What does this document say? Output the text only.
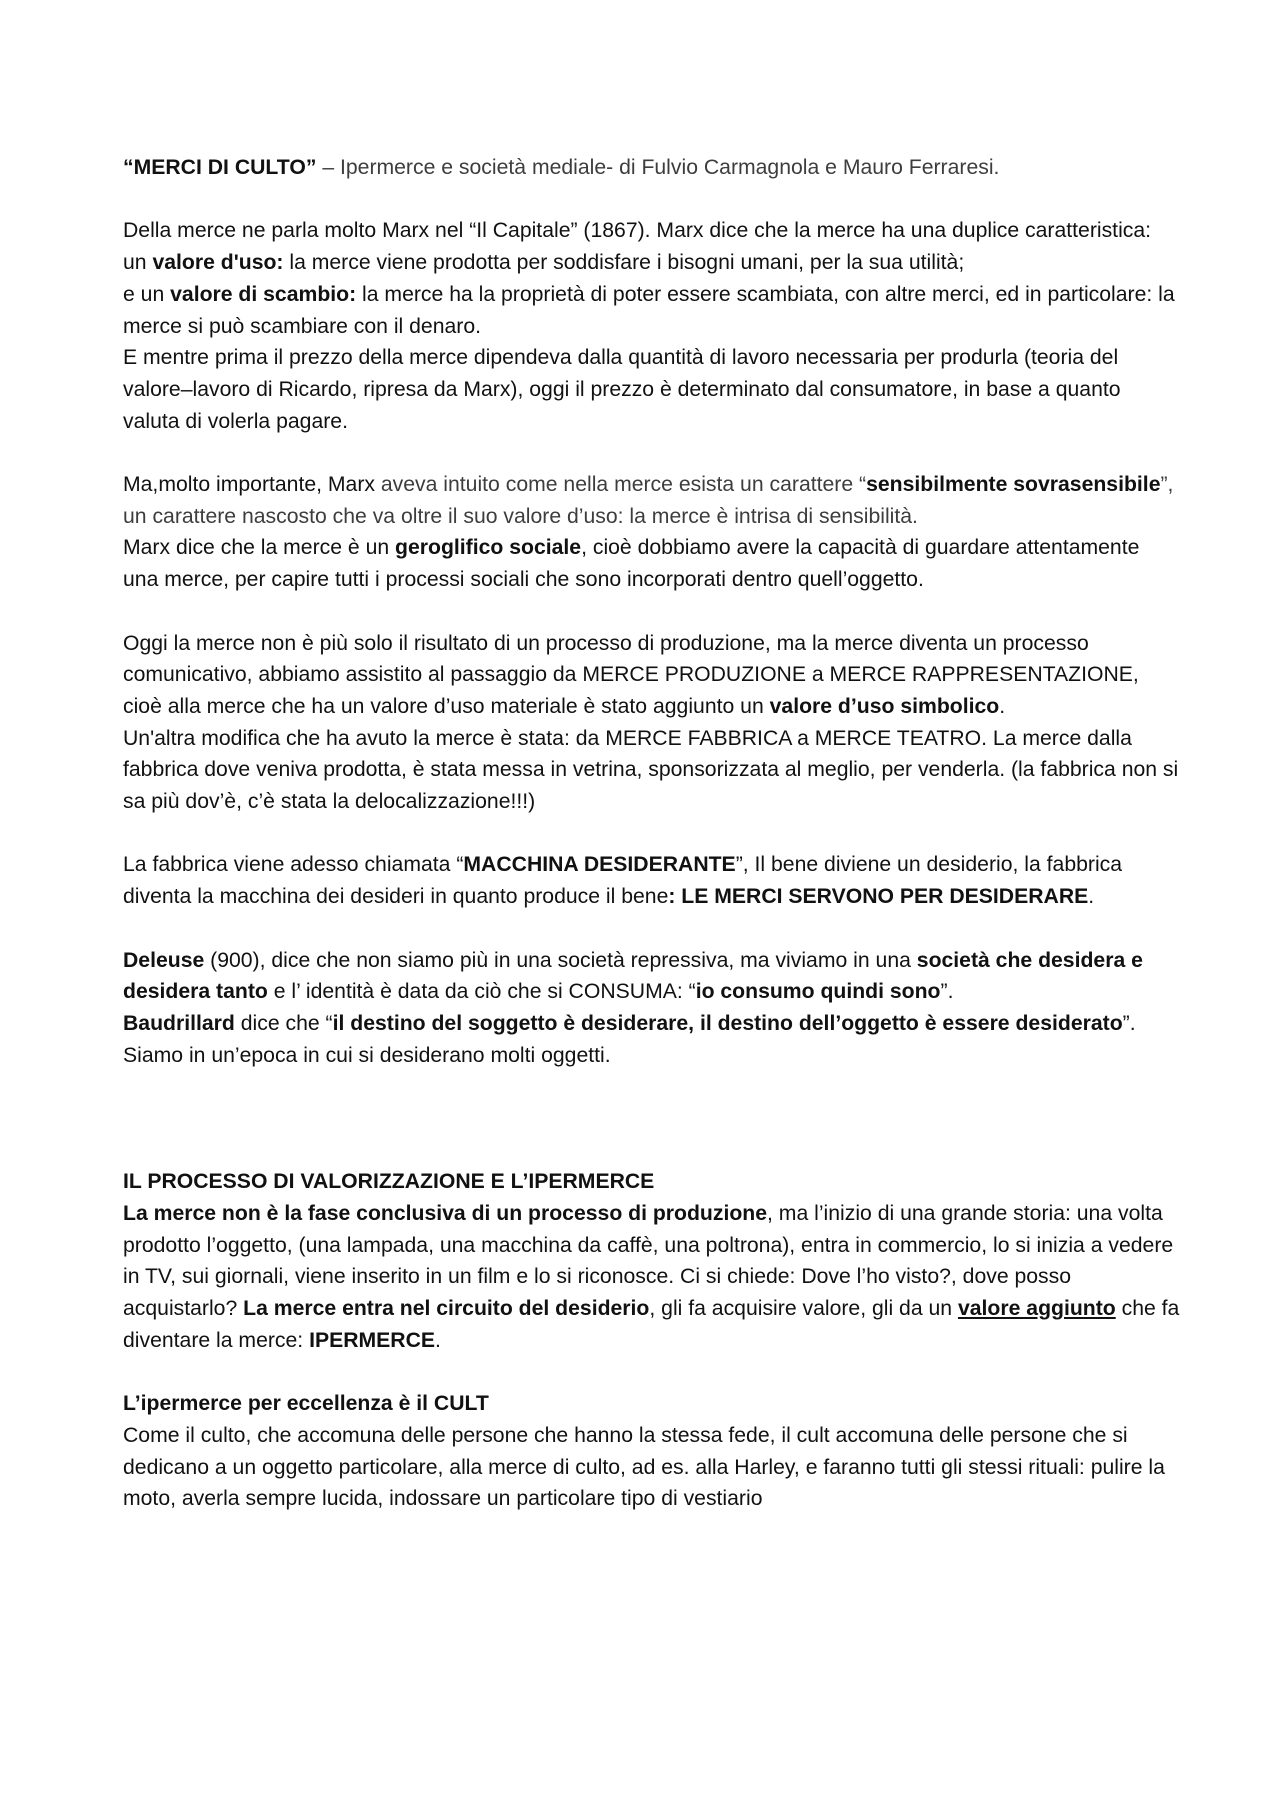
“MERCI DI CULTO” – Ipermerce e società mediale- di Fulvio Carmagnola e Mauro Ferraresi.

Della merce ne parla molto Marx nel “Il Capitale” (1867). Marx dice che la merce ha una duplice caratteristica:

un valore d'uso: la merce viene prodotta per soddisfare i bisogni umani, per la sua utilità;

e un valore di scambio: la merce ha la proprietà di poter essere scambiata, con altre merci, ed in particolare: la merce si può scambiare con il denaro.

E mentre prima il prezzo della merce dipendeva dalla quantità di lavoro necessaria per produrla (teoria del valore–lavoro di Ricardo, ripresa da Marx), oggi il prezzo è determinato dal consumatore, in base a quanto valuta di volerla pagare.

Ma,molto importante, Marx aveva intuito come nella merce esista un carattere “sensibilmente sovrasensibile”, un carattere nascosto che va oltre il suo valore d’uso: la merce è intrisa di sensibilità.

Marx dice che la merce è un geroglifico sociale, cioè dobbiamo avere la capacità di guardare attentamente una merce, per capire tutti i processi sociali che sono incorporati dentro quell’oggetto.

Oggi la merce non è più solo il risultato di un processo di produzione, ma la merce diventa un processo comunicativo, abbiamo assistito al passaggio da MERCE PRODUZIONE a MERCE RAPPRESENTAZIONE, cioè alla merce che ha un valore d’uso materiale è stato aggiunto un valore d’uso simbolico.

Un'altra modifica che ha avuto la merce è stata: da MERCE FABBRICA a MERCE TEATRO. La merce dalla fabbrica dove veniva prodotta, è stata messa in vetrina, sponsorizzata al meglio, per venderla. (la fabbrica non si sa più dov’è, c’è stata la delocalizzazione!!!)

La fabbrica viene adesso chiamata “MACCHINA DESIDERANTE”, Il bene diviene un desiderio, la fabbrica diventa la macchina dei desideri in quanto produce il bene: LE MERCI SERVONO PER DESIDERARE.

Deleuse (900), dice che non siamo più in una società repressiva, ma viviamo in una società che desidera e desidera tanto e l’ identità è data da ciò che si CONSUMA: “io consumo quindi sono”.

Baudrillard dice che “il destino del soggetto è desiderare, il destino dell’oggetto è essere desiderato”. Siamo in un’epoca in cui si desiderano molti oggetti.

IL PROCESSO DI VALORIZZAZIONE E L’IPERMERCE

La merce non è la fase conclusiva di un processo di produzione, ma l’inizio di una grande storia: una volta prodotto l’oggetto, (una lampada, una macchina da caffè, una poltrona), entra in commercio, lo si inizia a vedere in TV, sui giornali, viene inserito in un film e lo si riconosce. Ci si chiede: Dove l’ho visto?, dove posso acquistarlo? La merce entra nel circuito del desiderio, gli fa acquisire valore, gli da un valore aggiunto che fa diventare la merce: IPERMERCE.

L’ipermerce per eccellenza è il CULT

Come il culto, che accomuna delle persone che hanno la stessa fede, il cult accomuna delle persone che si dedicano a un oggetto particolare, alla merce di culto, ad es. alla Harley, e faranno tutti gli stessi rituali: pulire la moto, averla sempre lucida, indossare un particolare tipo di vestiario
